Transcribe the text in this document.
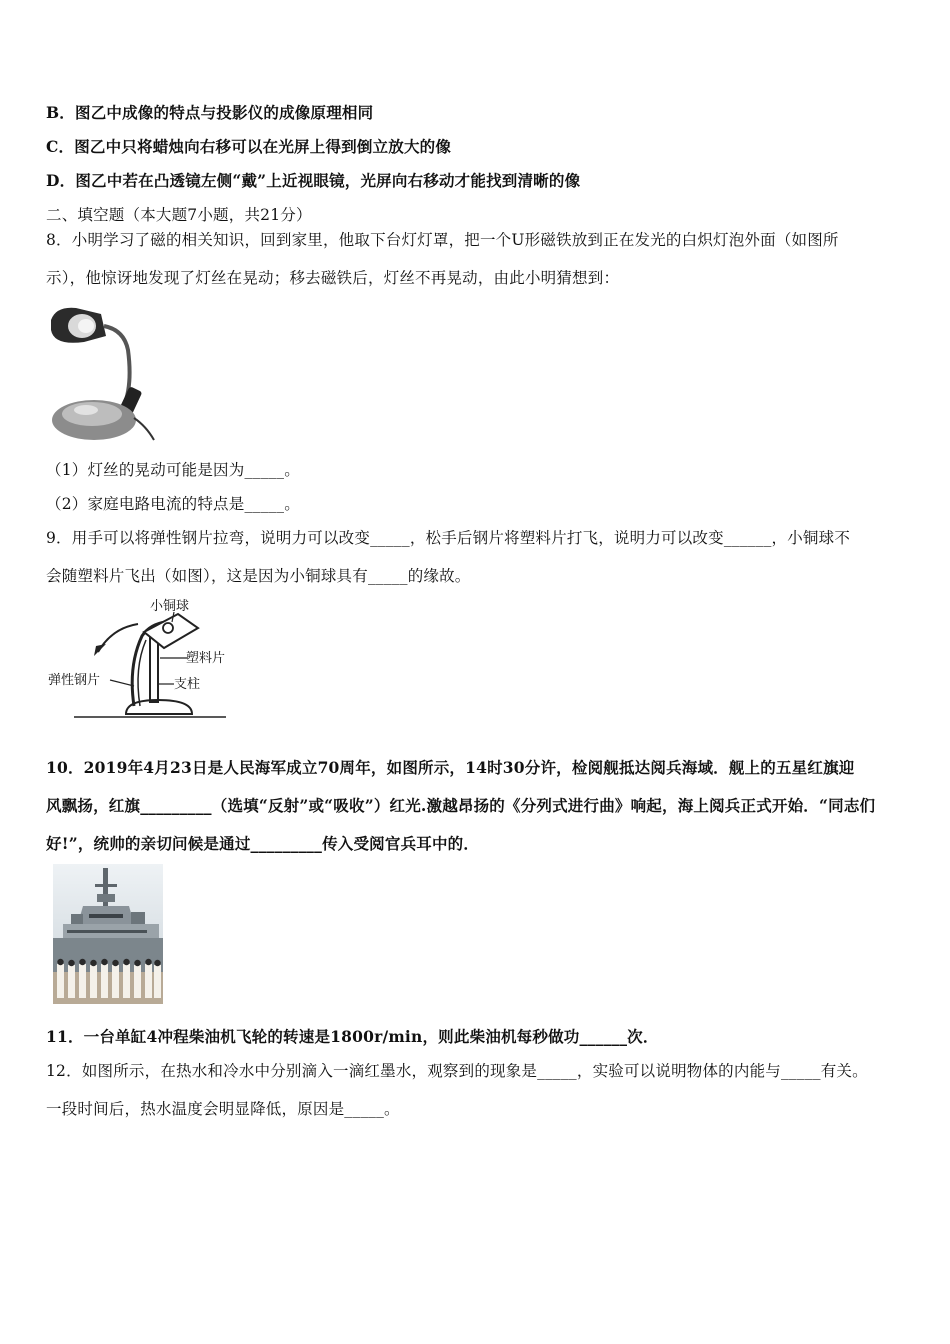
B．图乙中成像的特点与投影仪的成像原理相同
C．图乙中只将蜡烛向右移可以在光屏上得到倒立放大的像
D．图乙中若在凸透镜左侧“戴”上近视眼镜，光屏向右移动才能找到清晰的像
二、填空题（本大题7小题，共21分）
8．小明学习了磁的相关知识，回到家里，他取下台灯灯罩，把一个U形磁铁放到正在发光的白炽灯泡外面（如图所
示），他惊讶地发现了灯丝在晃动；移去磁铁后，灯丝不再晃动，由此小明猜想到：
（1）灯丝的晃动可能是因为_____。
（2）家庭电路电流的特点是_____。
9．用手可以将弹性钢片拉弯，说明力可以改变_____，松手后钢片将塑料片打飞，说明力可以改变______，小铜球不
会随塑料片飞出（如图），这是因为小铜球具有_____的缘故。
小铜球
塑料片
弹性钢片	支柱
10．2019年4月23日是人民海军成立70周年，如图所示，14时30分许，检阅舰抵达阅兵海域．舰上的五星红旗迎
风飘扬，红旗_________（选填“反射”或“吸收”）红光.激越昂扬的《分列式进行曲》响起，海上阅兵正式开始．“同志们
好!”，统帅的亲切问候是通过_________传入受阅官兵耳中的．
11．一台单缸4冲程柴油机飞轮的转速是1800r/min，则此柴油机每秒做功______次．
12．如图所示，在热水和冷水中分别滴入一滴红墨水，观察到的现象是_____，实验可以说明物体的内能与_____有关。
一段时间后，热水温度会明显降低，原因是_____。
